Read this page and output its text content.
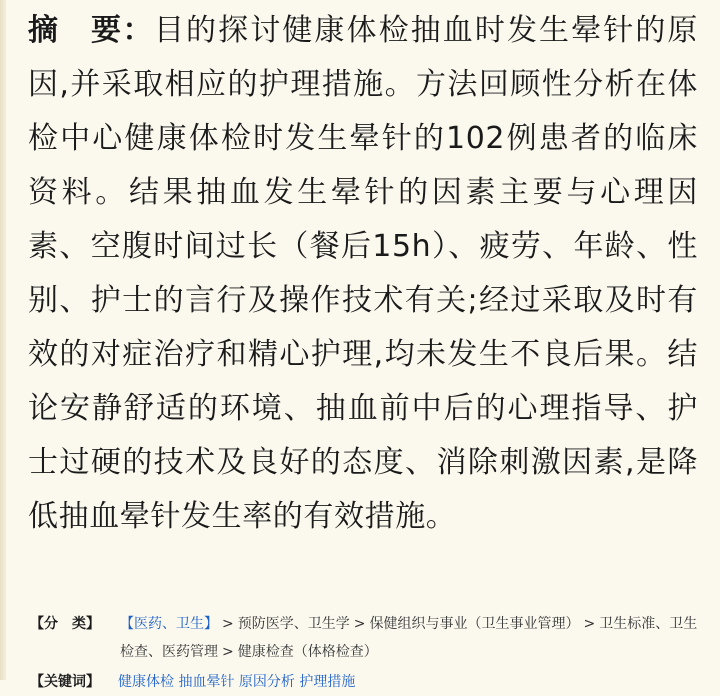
摘　要：目的探讨健康体检抽血时发生晕针的原因,并采取相应的护理措施。方法回顾性分析在体检中心健康体检时发生晕针的102例患者的临床资料。结果抽血发生晕针的因素主要与心理因素、空腹时间过长（餐后15h）、疲劳、年龄、性别、护士的言行及操作技术有关;经过采取及时有效的对症治疗和精心护理,均未发生不良后果。结论安静舒适的环境、抽血前中后的心理指导、护士过硬的技术及良好的态度、消除刺激因素,是降低抽血晕针发生率的有效措施。

【分　类】	【医药、卫生】 > 预防医学、卫生学 > 保健组织与事业（卫生事业管理） > 卫生标准、卫生检查、医药管理 > 健康检查（体格检查）
【关键词】	健康体检 抽血晕针 原因分析 护理措施
